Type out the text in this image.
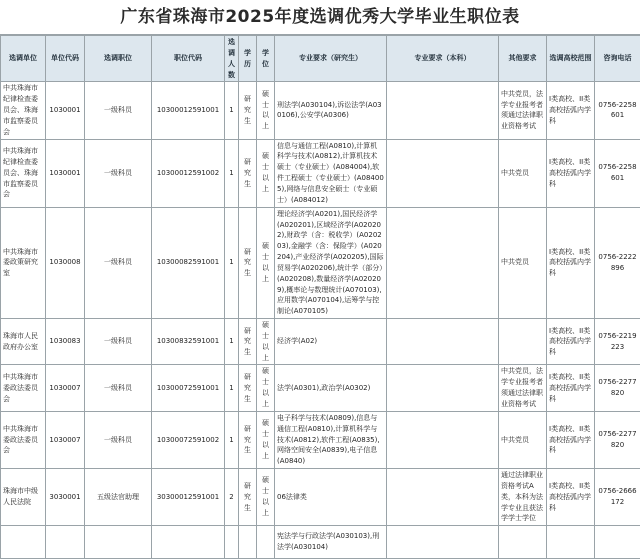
广东省珠海市2025年度选调优秀大学毕业生职位表
选调单位	单位代码	选调职位	职位代码	选调人数	学历	学位	专业要求（研究生）	专业要求（本科）	其他要求	选调高校范围	咨询电话
中共珠海市纪律检查委员会、珠海市监察委员会	1030001	一级科员	10300012591001	1	研究生	硕士以上	刑法学(A030104),诉讼法学(A030106),公安学(A0306)		中共党员，法学专业报考者须通过法律职业资格考试	I类高校、II类高校括弧内学科	0756-2258601
中共珠海市纪律检查委员会、珠海市监察委员会	1030001	一级科员	10300012591002	1	研究生	硕士以上	信息与通信工程(A0810),计算机科学与技术(A0812),计算机技术硕士（专业硕士）(A084004),软件工程硕士（专业硕士）(A084005),网络与信息安全硕士（专业硕士）(A084012)		中共党员	I类高校、II类高校括弧内学科	0756-2258601
中共珠海市委政策研究室	1030008	一级科员	10300082591001	1	研究生	硕士以上	理论经济学(A0201),国民经济学(A020201),区域经济学(A020202),财政学（含：税收学）(A020203),金融学（含：保险学）(A020204),产业经济学(A020205),国际贸易学(A020206),统计学（部分）(A020208),数量经济学(A020209),概率论与数理统计(A070103),应用数学(A070104),运筹学与控制论(A070105)		中共党员	I类高校、II类高校括弧内学科	0756-2222896
珠海市人民政府办公室	1030083	一级科员	10300832591001	1	研究生	硕士以上	经济学(A02)			I类高校、II类高校括弧内学科	0756-2219223
中共珠海市委政法委员会	1030007	一级科员	10300072591001	1	研究生	硕士以上	法学(A0301),政治学(A0302)		中共党员，法学专业报考者须通过法律职业资格考试	I类高校、II类高校括弧内学科	0756-2277820
中共珠海市委政法委员会	1030007	一级科员	10300072591002	1	研究生	硕士以上	电子科学与技术(A0809),信息与通信工程(A0810),计算机科学与技术(A0812),软件工程(A0835),网络空间安全(A0839),电子信息(A0840)		中共党员	I类高校、II类高校括弧内学科	0756-2277820
珠海市中级人民法院	3030001	五级法官助理	30300012591001	2	研究生	硕士以上	06法律类		通过法律职业资格考试A类，本科为法学专业且获法学学士学位	I类高校、II类高校括弧内学科	0756-2666172
							宪法学与行政法学(A030103),刑法学(A030104)				
